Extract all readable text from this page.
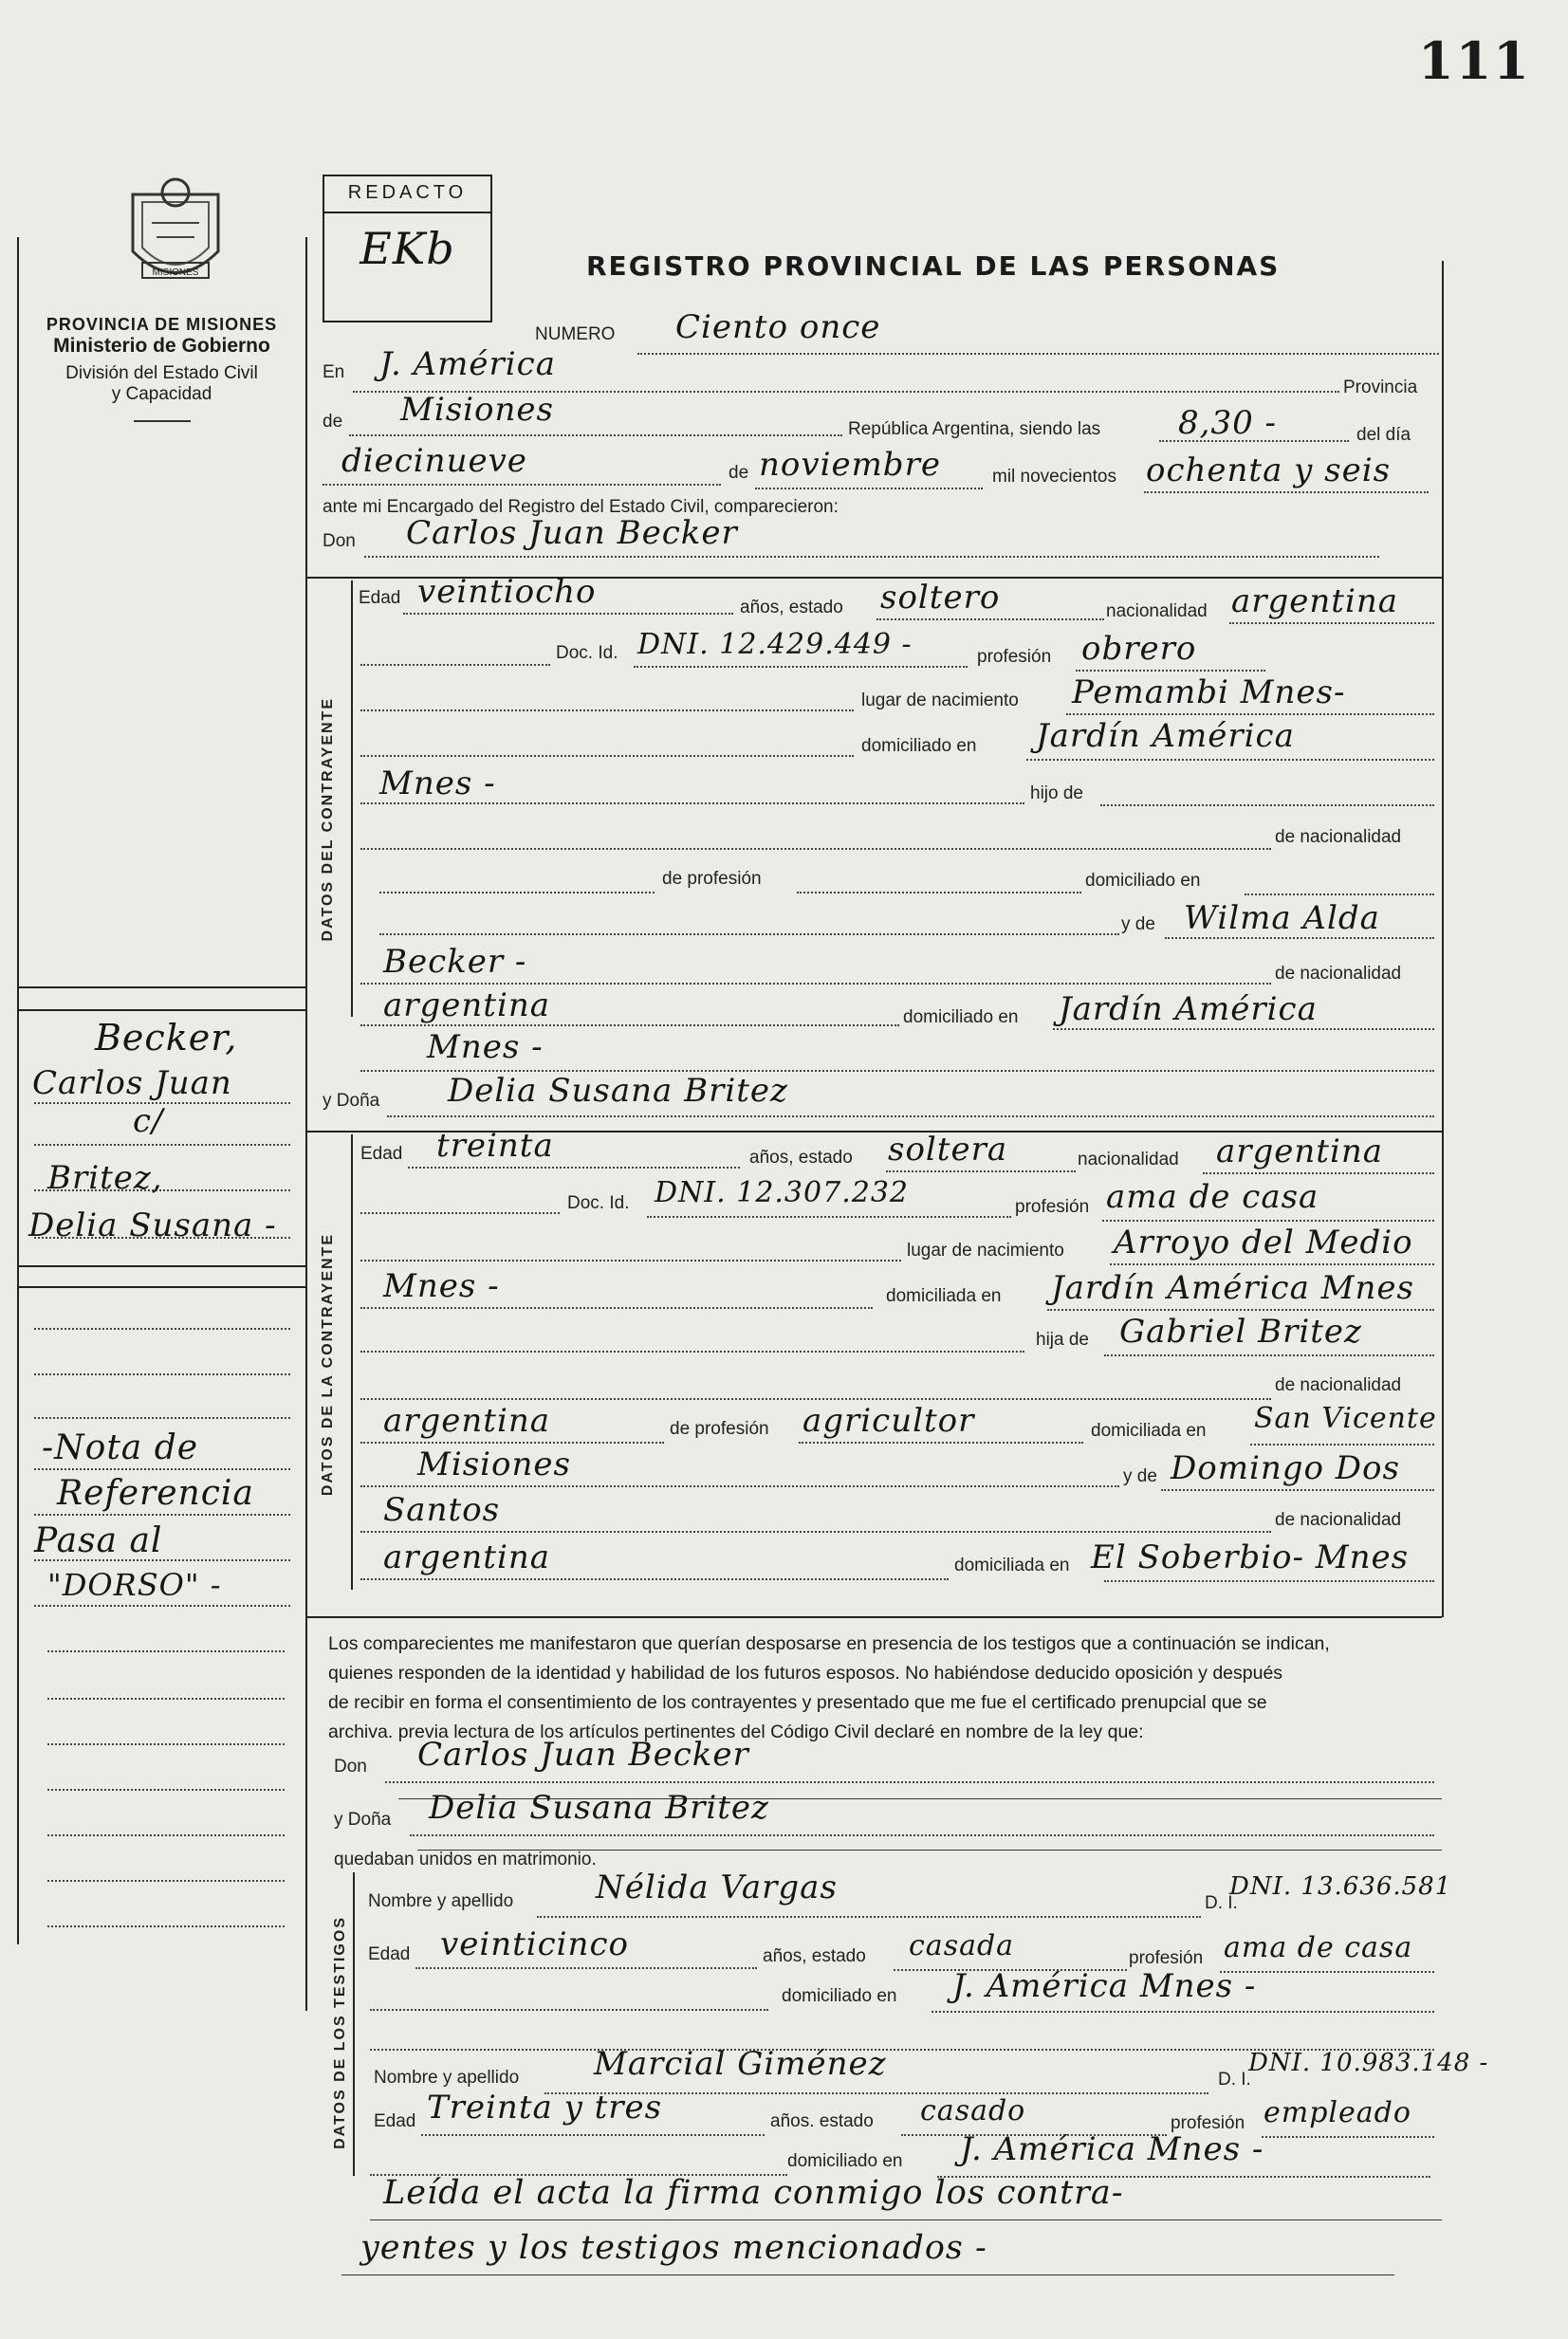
111
MISIONES
PROVINCIA DE MISIONES
Ministerio de Gobierno
División del Estado Civil
y Capacidad
REDACTO
EKb	REGISTRO PROVINCIAL DE LAS PERSONAS
NUMERO Ciento once
En J. América
Provincia
de Misiones
República Argentina, siendo las 8,30 -	del día
diecinueve	de noviembre	mil novecientos ochenta y seis
ante mi Encargado del Registro del Estado Civil, comparecieron:
Don Carlos Juan Becker
DATOS DEL CONTRAYENTE
Edad veintiocho	años, estado soltero	nacionalidad argentina
Doc. Id. DNI. 12.429.449 -	profesión obrero
lugar de nacimiento Pemambi Mnes-
domiciliado en Jardín América
Mnes -	hijo de
de nacionalidad
de profesión	domiciliado en
y de Wilma Alda
Becker -	de nacionalidad
argentina	domiciliado en Jardín América
Mnes -
Becker,
Carlos Juan
c/
Britez,
Delia Susana -
-Nota de
Referencia
Pasa al
"DORSO" -
y Doña Delia Susana Britez
DATOS DE LA CONTRAYENTE
Edad treinta	años, estado soltera	nacionalidad argentina
Doc. Id. DNI. 12.307.232	profesión ama de casa
lugar de nacimiento Arroyo del Medio
Mnes -	domiciliada en Jardín América Mnes
hija de Gabriel Britez
de nacionalidad
argentina	de profesión agricultor	domiciliada en San Vicente
Misiones	y de Domingo Dos
Santos	de nacionalidad
argentina	domiciliada en El Soberbio- Mnes
Los comparecientes me manifestaron que querían desposarse en presencia de los testigos que a continuación se indican,
quienes responden de la identidad y habilidad de los futuros esposos. No habiéndose deducido oposición y después
de recibir en forma el consentimiento de los contrayentes y presentado que me fue el certificado prenupcial que se
archiva. previa lectura de los artículos pertinentes del Código Civil declaré en nombre de la ley que:
Don Carlos Juan Becker
y Doña Delia Susana Britez
quedaban unidos en matrimonio.
DATOS DE LOS TESTIGOS
Nombre y apellido	Nélida Vargas	D. I.
DNI. 13.636.581
Edad veinticinco	años, estado casada	profesión ama de casa
domiciliado en J. América Mnes -
Nombre y apellido Marcial Giménez	D. I.
DNI. 10.983.148 -
Edad Treinta y tres	años. estado casado	profesión empleado
domiciliado en J. América Mnes -
Leída el acta la firma conmigo los contra-
yentes y los testigos mencionados -
